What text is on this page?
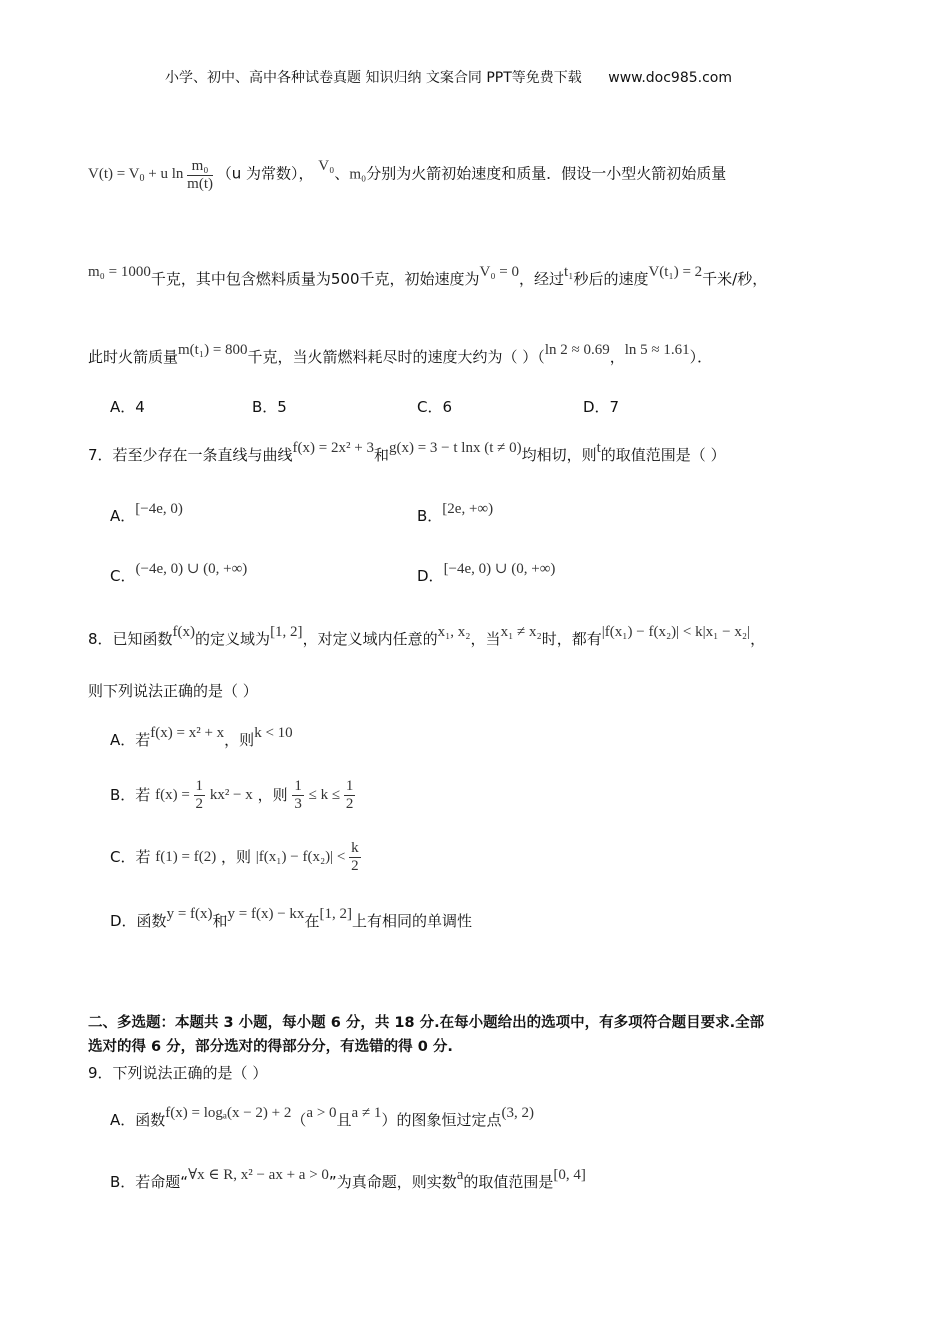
小学、初中、高中各种试卷真题 知识归纳 文案合同 PPT等免费下载 www.doc985.com
$V(t) = V_0 + u$ $\ln \frac{\text{m₀}}{m(t)} (u$ 为常数）， V₀、m₀分别为火箭初始速度和质量．假设一小型火箭初始质量
m₀ = 1000千克，其中包含燃料质量为500千克，初始速度为V₀ = 0，经过t₁秒后的速度V(t₁) = 2千米/秒，
此时火箭质量m(t₁) = 800千克，当火箭燃料耗尽时的速度大约为（ ）（ln 2 ≈ 0.69，ln 5 ≈ 1.61）．
A．4	B．5	C．6	D．7
7．若至少存在一条直线与曲线f(x) = 2x² + 3和g(x) = 3 − t lnx (t ≠ 0)均相切，则t的取值范围是（ ）
A．[−4e, 0)	B．[2e, +∞)
C．(−4e, 0) ∪ (0, +∞)	D．[−4e, 0) ∪ (0, +∞)
8．已知函数f(x)的定义域为[1, 2]，对定义域内任意的x₁, x₂，当x₁ ≠ x₂时，都有|f(x₁) − f(x₂)| < k|x₁ − x₂|，
则下列说法正确的是（ ）
A．若f(x) = x² + x，则k < 10
B．若 $f(x) = \frac{1}{2} kx^2 - x$ ，则 $\frac{1}{3} \le k \le \frac{1}{2}$
C．若 f(1) = f(2) ，则 $|f(x_1) - f(x_2)| < \frac{k}{2}$
D．函数y = f(x)和y = f(x) − kx在[1, 2]上有相同的单调性
二、多选题：本题共 3 小题，每小题 6 分，共 18 分.在每小题给出的选项中，有多项符合题目要求.全部
选对的得 6 分，部分选对的得部分分，有选错的得 0 分.
9．下列说法正确的是（ ）
A．函数f(x) = logₐ(x − 2) + 2（a > 0且a ≠ 1）的图象恒过定点(3, 2)
B．若命题“∀x ∈ R, x² − ax + a > 0”为真命题，则实数a的取值范围是[0, 4]
